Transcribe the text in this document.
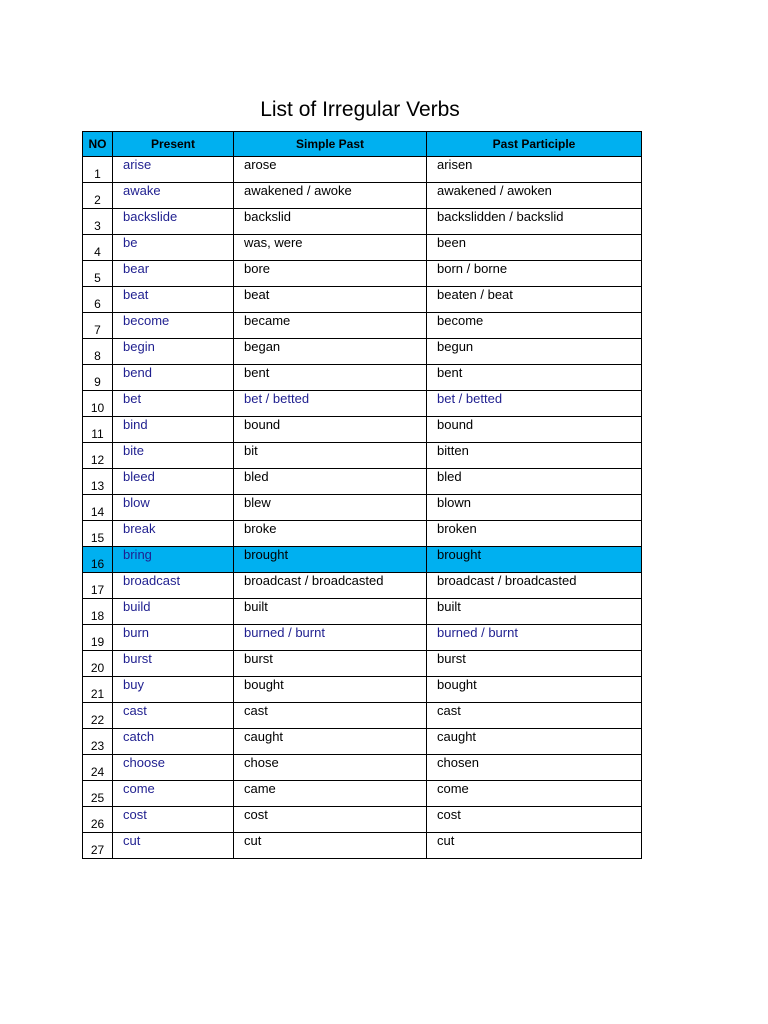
List of Irregular Verbs
NO	Present	Simple Past	Past Participle
1	arise	arose	arisen
2	awake	awakened / awoke	awakened / awoken
3	backslide	backslid	backslidden / backslid
4	be	was, were	been
5	bear	bore	born / borne
6	beat	beat	beaten / beat
7	become	became	become
8	begin	began	begun
9	bend	bent	bent
10	bet	bet / betted	bet / betted
11	bind	bound	bound
12	bite	bit	bitten
13	bleed	bled	bled
14	blow	blew	blown
15	break	broke	broken
16	bring	brought	brought
17	broadcast	broadcast / broadcasted	broadcast / broadcasted
18	build	built	built
19	burn	burned / burnt	burned / burnt
20	burst	burst	burst
21	buy	bought	bought
22	cast	cast	cast
23	catch	caught	caught
24	choose	chose	chosen
25	come	came	come
26	cost	cost	cost
27	cut	cut	cut
